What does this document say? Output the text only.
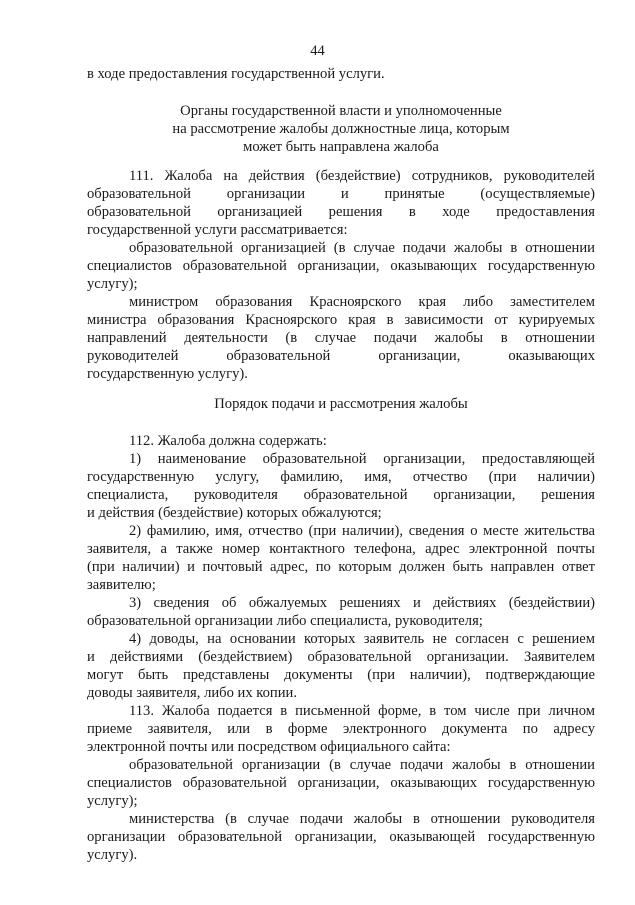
44
в ходе предоставления государственной услуги.
Органы государственной власти и уполномоченные
на рассмотрение жалобы должностные лица, которым
может быть направлена жалоба
111. Жалоба на действия (бездействие) сотрудников, руководителей
образовательной организации и принятые (осуществляемые)
образовательной организацией решения в ходе предоставления
государственной услуги рассматривается:
образовательной организацией (в случае подачи жалобы в отношении
специалистов образовательной организации, оказывающих государственную
услугу);
министром образования Красноярского края либо заместителем
министра образования Красноярского края в зависимости от курируемых
направлений деятельности (в случае подачи жалобы в отношении
руководителей образовательной организации, оказывающих
государственную услугу).
Порядок подачи и рассмотрения жалобы
112. Жалоба должна содержать:
1) наименование образовательной организации, предоставляющей
государственную услугу, фамилию, имя, отчество (при наличии)
специалиста, руководителя образовательной организации, решения
и действия (бездействие) которых обжалуются;
2) фамилию, имя, отчество (при наличии), сведения о месте жительства
заявителя, а также номер контактного телефона, адрес электронной почты
(при наличии) и почтовый адрес, по которым должен быть направлен ответ
заявителю;
3) сведения об обжалуемых решениях и действиях (бездействии)
образовательной организации либо специалиста, руководителя;
4) доводы, на основании которых заявитель не согласен с решением
и действиями (бездействием) образовательной организации. Заявителем
могут быть представлены документы (при наличии), подтверждающие
доводы заявителя, либо их копии.
113. Жалоба подается в письменной форме, в том числе при личном
приеме заявителя, или в форме электронного документа по адресу
электронной почты или посредством официального сайта:
образовательной организации (в случае подачи жалобы в отношении
специалистов образовательной организации, оказывающих государственную
услугу);
министерства (в случае подачи жалобы в отношении руководителя
организации образовательной организации, оказывающей государственную
услугу).
